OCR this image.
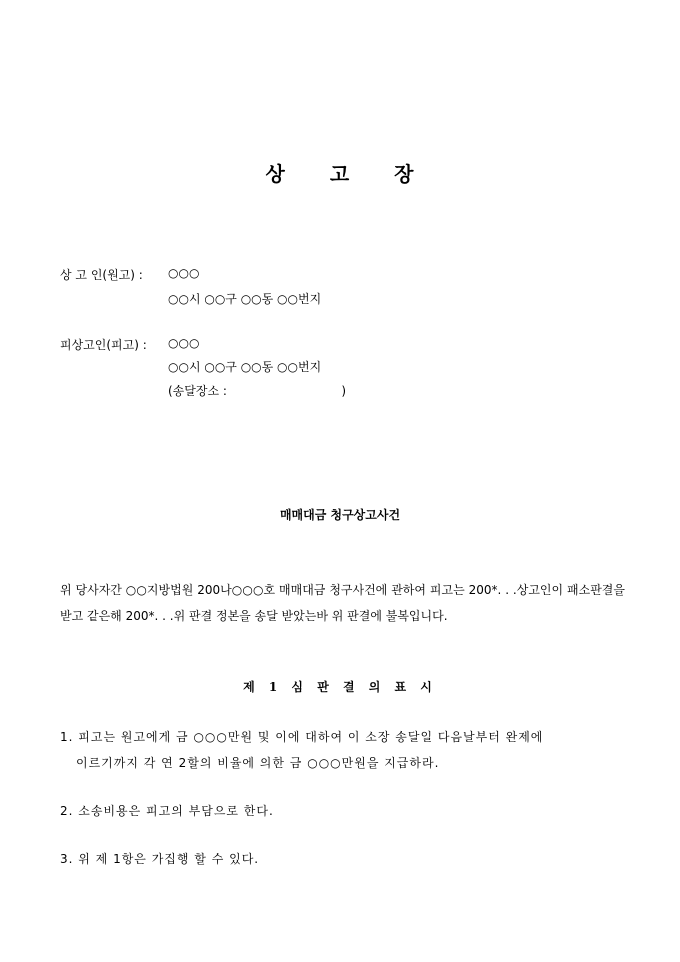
상 고 장
상 고 인(원고) : ○○○
○○시 ○○구 ○○동 ○○번지
피상고인(피고) : ○○○
○○시 ○○구 ○○동 ○○번지
(송달장소 :                              )
매매대금 청구상고사건
위 당사자간 ○○지방법원 200나○○○호 매매대금 청구사건에 관하여 피고는 200*. . .상고인이 패소판결을 받고 같은해 200*. . .위 판결 정본을 송달 받았는바 위 판결에 불복입니다.
제 1 심 판 결 의 표 시
1. 피고는 원고에게 금 ○○○만원 및 이에 대하여 이 소장 송달일 다음날부터 완제에
이르기까지 각 연 2할의 비율에 의한 금 ○○○만원을 지급하라.
2. 소송비용은 피고의 부담으로 한다.
3. 위 제 1항은 가집행 할 수 있다.
